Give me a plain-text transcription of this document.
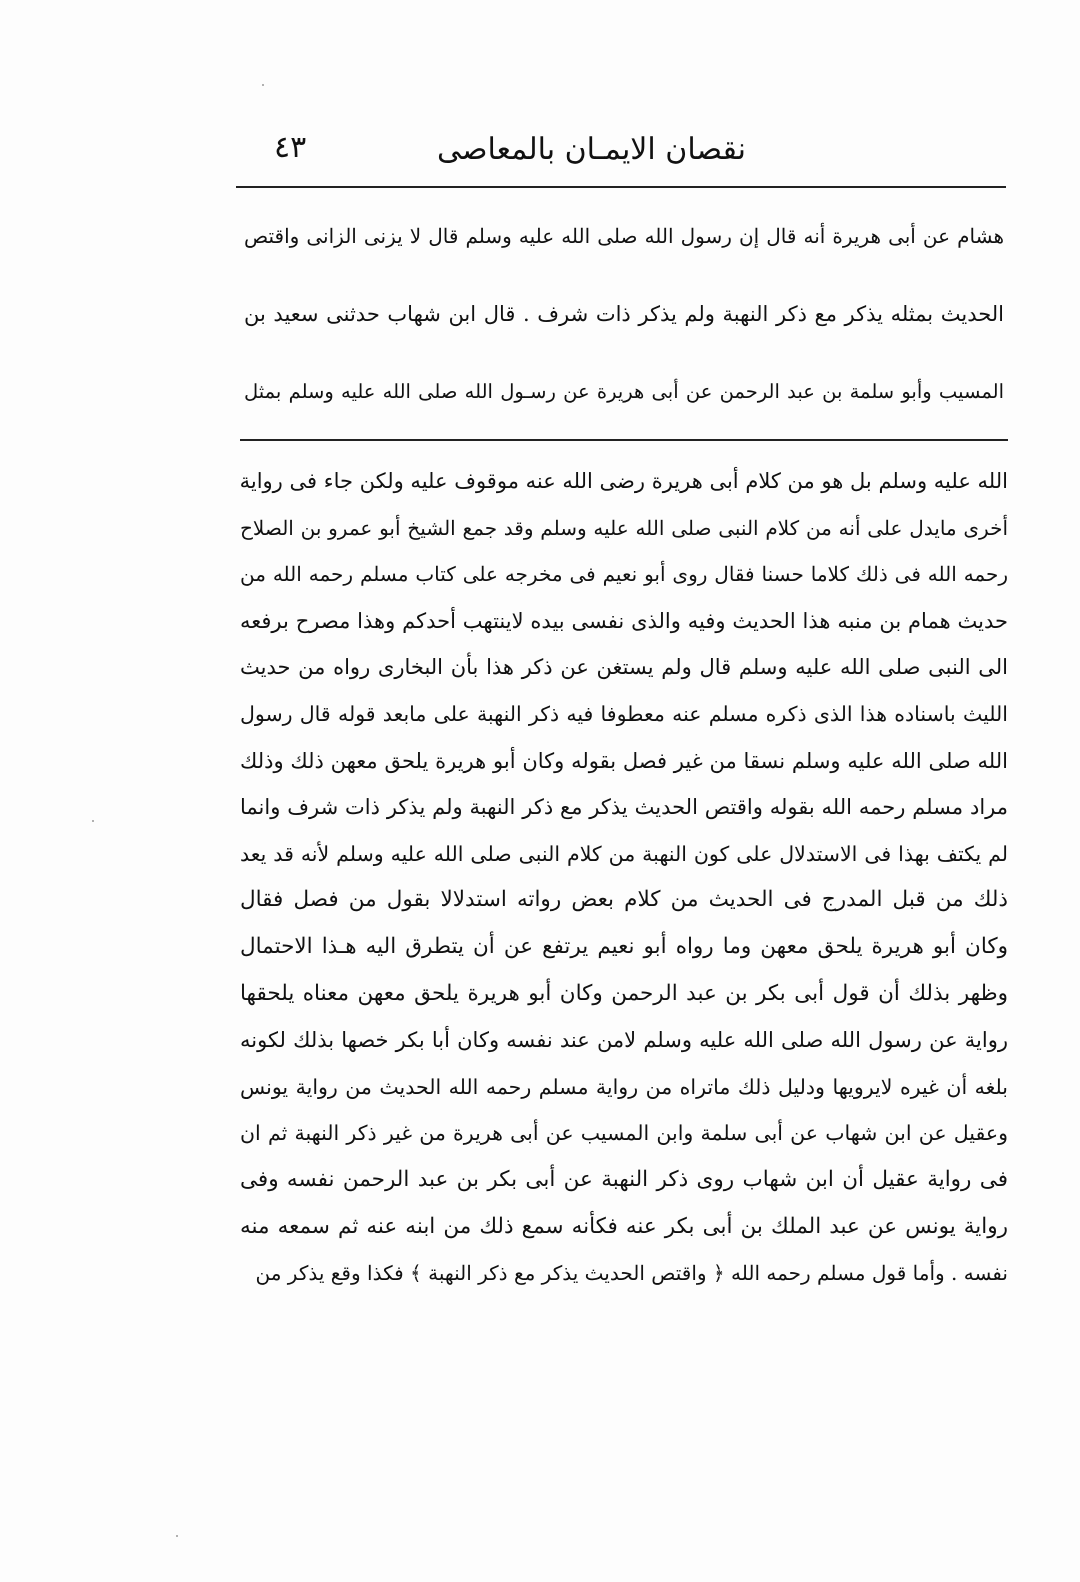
٤٣	نقصان الايمـان بالمعاصى
هشام عن أبى هريرة أنه قال إن رسول الله صلى الله عليه وسلم قال لا يزنى الزانى واقتص
الحديث بمثله يذكر مع ذكر النهبة ولم يذكر ذات شرف . قال ابن شهاب حدثنى سعيد بن
المسيب وأبو سلمة بن عبد الرحمن عن أبى هريرة عن رسـول الله صلى الله عليه وسلم بمثل
الله عليه وسلم بل هو من كلام أبى هريرة رضى الله عنه موقوف عليه ولكن جاء فى رواية
أخرى مايدل على أنه من كلام النبى صلى الله عليه وسلم وقد جمع الشيخ أبو عمرو بن الصلاح
رحمه الله فى ذلك كلاما حسنا فقال روى أبو نعيم فى مخرجه على كتاب مسلم رحمه الله من
حديث همام بن منبه هذا الحديث وفيه والذى نفسى بيده لاينتهب أحدكم وهذا مصرح برفعه
الى النبى صلى الله عليه وسلم قال ولم يستغن عن ذكر هذا بأن البخارى رواه من حديث
الليث باسناده هذا الذى ذكره مسلم عنه معطوفا فيه ذكر النهبة على مابعد قوله قال رسول
الله صلى الله عليه وسلم نسقا من غير فصل بقوله وكان أبو هريرة يلحق معهن ذلك وذلك
مراد مسلم رحمه الله بقوله واقتص الحديث يذكر مع ذكر النهبة ولم يذكر ذات شرف وانما
لم يكتف بهذا فى الاستدلال على كون النهبة من كلام النبى صلى الله عليه وسلم لأنه قد يعد
ذلك من قبل المدرج فى الحديث من كلام بعض رواته استدلالا بقول من فصل فقال
وكان أبو هريرة يلحق معهن وما رواه أبو نعيم يرتفع عن أن يتطرق اليه هـذا الاحتمال
وظهر بذلك أن قول أبى بكر بن عبد الرحمن وكان أبو هريرة يلحق معهن معناه يلحقها
رواية عن رسول الله صلى الله عليه وسلم لامن عند نفسه وكان أبا بكر خصها بذلك لكونه
بلغه أن غيره لايرويها ودليل ذلك ماتراه من رواية مسلم رحمه الله الحديث من رواية يونس
وعقيل عن ابن شهاب عن أبى سلمة وابن المسيب عن أبى هريرة من غير ذكر النهبة ثم ان
فى رواية عقيل أن ابن شهاب روى ذكر النهبة عن أبى بكر بن عبد الرحمن نفسه وفى
رواية يونس عن عبد الملك بن أبى بكر عنه فكأنه سمع ذلك من ابنه عنه ثم سمعه منه
نفسه . وأما قول مسلم رحمه الله ﴿ واقتص الحديث يذكر مع ذكر النهبة ﴾ فكذا وقع يذكر من
